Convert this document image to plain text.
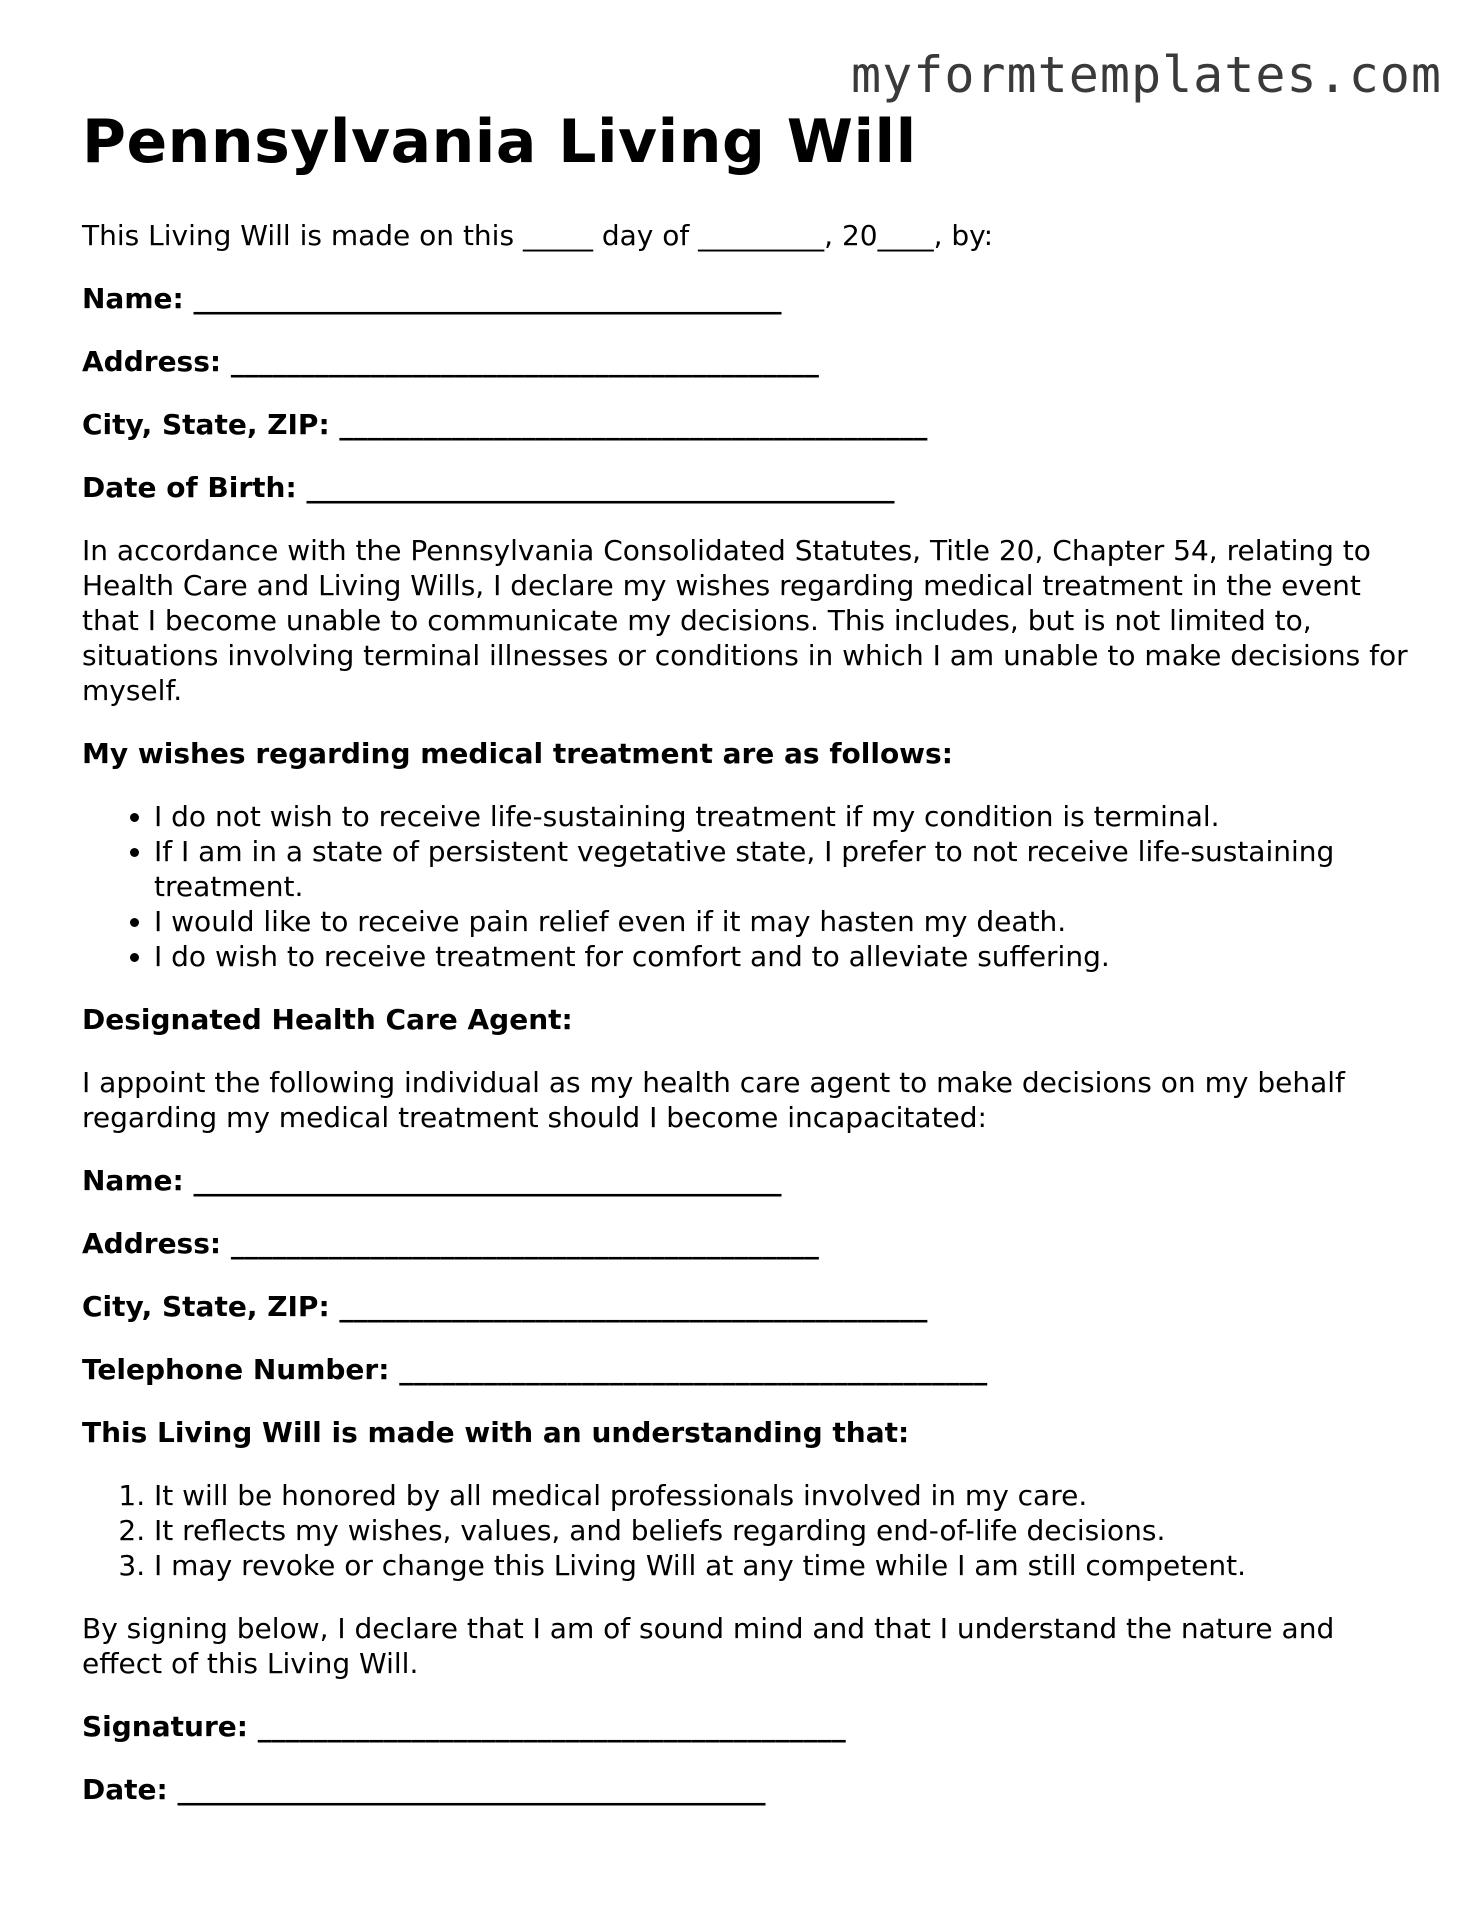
myformtemplates.com
Pennsylvania Living Will

This Living Will is made on this _____ day of _________, 20____, by:

Name: __________________________________________

Address: __________________________________________

City, State, ZIP: __________________________________________

Date of Birth: __________________________________________

In accordance with the Pennsylvania Consolidated Statutes, Title 20, Chapter 54, relating to Health Care and Living Wills, I declare my wishes regarding medical treatment in the event that I become unable to communicate my decisions. This includes, but is not limited to, situations involving terminal illnesses or conditions in which I am unable to make decisions for myself.

My wishes regarding medical treatment are as follows:

• I do not wish to receive life-sustaining treatment if my condition is terminal.
• If I am in a state of persistent vegetative state, I prefer to not receive life-sustaining treatment.
• I would like to receive pain relief even if it may hasten my death.
• I do wish to receive treatment for comfort and to alleviate suffering.

Designated Health Care Agent:

I appoint the following individual as my health care agent to make decisions on my behalf regarding my medical treatment should I become incapacitated:

Name: __________________________________________

Address: __________________________________________

City, State, ZIP: __________________________________________

Telephone Number: __________________________________________

This Living Will is made with an understanding that:

1. It will be honored by all medical professionals involved in my care.
2. It reflects my wishes, values, and beliefs regarding end-of-life decisions.
3. I may revoke or change this Living Will at any time while I am still competent.

By signing below, I declare that I am of sound mind and that I understand the nature and effect of this Living Will.

Signature: __________________________________________

Date: __________________________________________
